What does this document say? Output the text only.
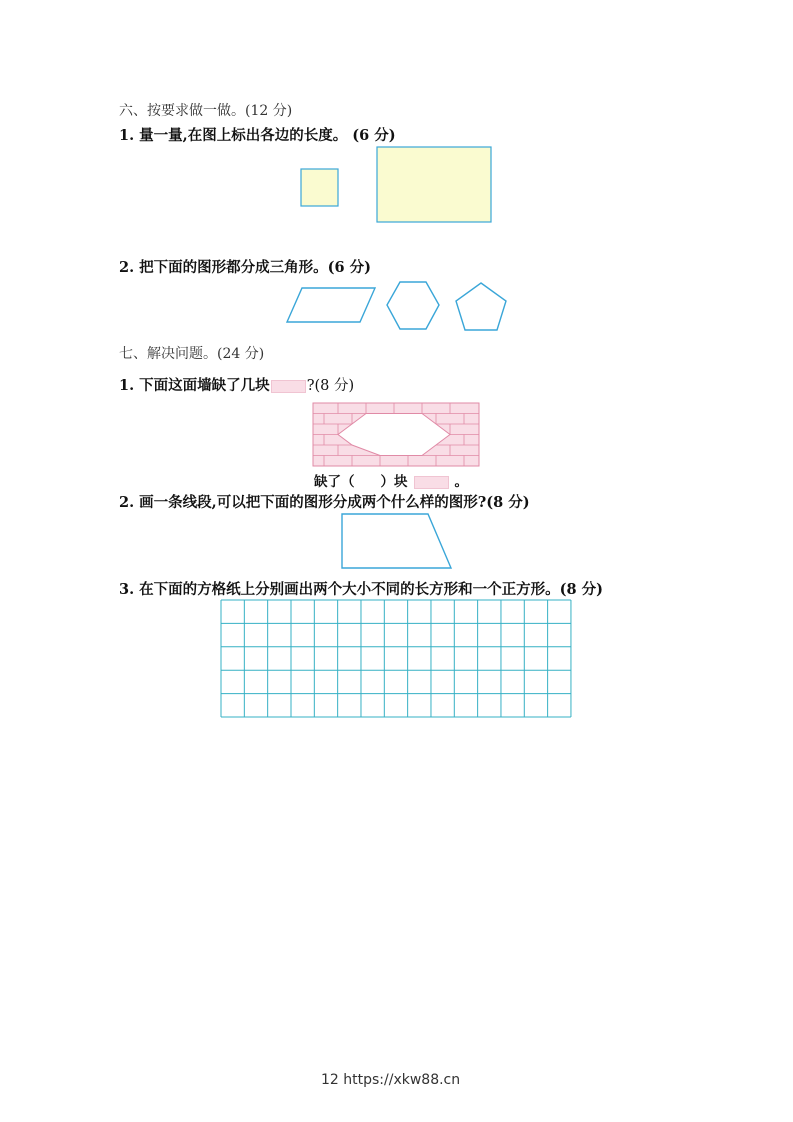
六、按要求做一做。(12 分)
1. 量一量,在图上标出各边的长度。 (6 分)
2. 把下面的图形都分成三角形。(6 分)
七、解决问题。(24 分)
1. 下面这面墙缺了几块	?(8 分)
缺了（ ）块	。
2. 画一条线段,可以把下面的图形分成两个什么样的图形?(8 分)
3. 在下面的方格纸上分别画出两个大小不同的长方形和一个正方形。(8 分)
12 https://xkw88.cn
